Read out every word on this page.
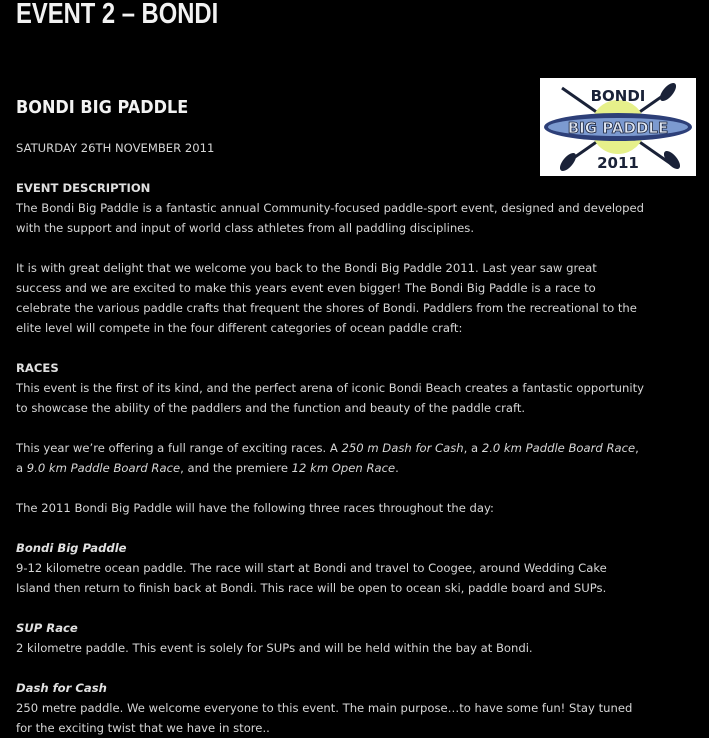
EVENT 2 – BONDI
BONDI BIG PADDLE
BONDI
BIG PADDLE
2011
SATURDAY 26TH NOVEMBER 2011
EVENT DESCRIPTION
The Bondi Big Paddle is a fantastic annual Community-focused paddle-sport event, designed and developed
with the support and input of world class athletes from all paddling disciplines.
It is with great delight that we welcome you back to the Bondi Big Paddle 2011. Last year saw great
success and we are excited to make this years event even bigger! The Bondi Big Paddle is a race to
celebrate the various paddle crafts that frequent the shores of Bondi. Paddlers from the recreational to the
elite level will compete in the four different categories of ocean paddle craft:
RACES
This event is the first of its kind, and the perfect arena of iconic Bondi Beach creates a fantastic opportunity
to showcase the ability of the paddlers and the function and beauty of the paddle craft.
This year we’re offering a full range of exciting races. A 250 m Dash for Cash, a 2.0 km Paddle Board Race,
a 9.0 km Paddle Board Race, and the premiere 12 km Open Race.
The 2011 Bondi Big Paddle will have the following three races throughout the day:
Bondi Big Paddle
9-12 kilometre ocean paddle. The race will start at Bondi and travel to Coogee, around Wedding Cake
Island then return to finish back at Bondi. This race will be open to ocean ski, paddle board and SUPs.
SUP Race
2 kilometre paddle. This event is solely for SUPs and will be held within the bay at Bondi.
Dash for Cash
250 metre paddle. We welcome everyone to this event. The main purpose…to have some fun! Stay tuned
for the exciting twist that we have in store..
